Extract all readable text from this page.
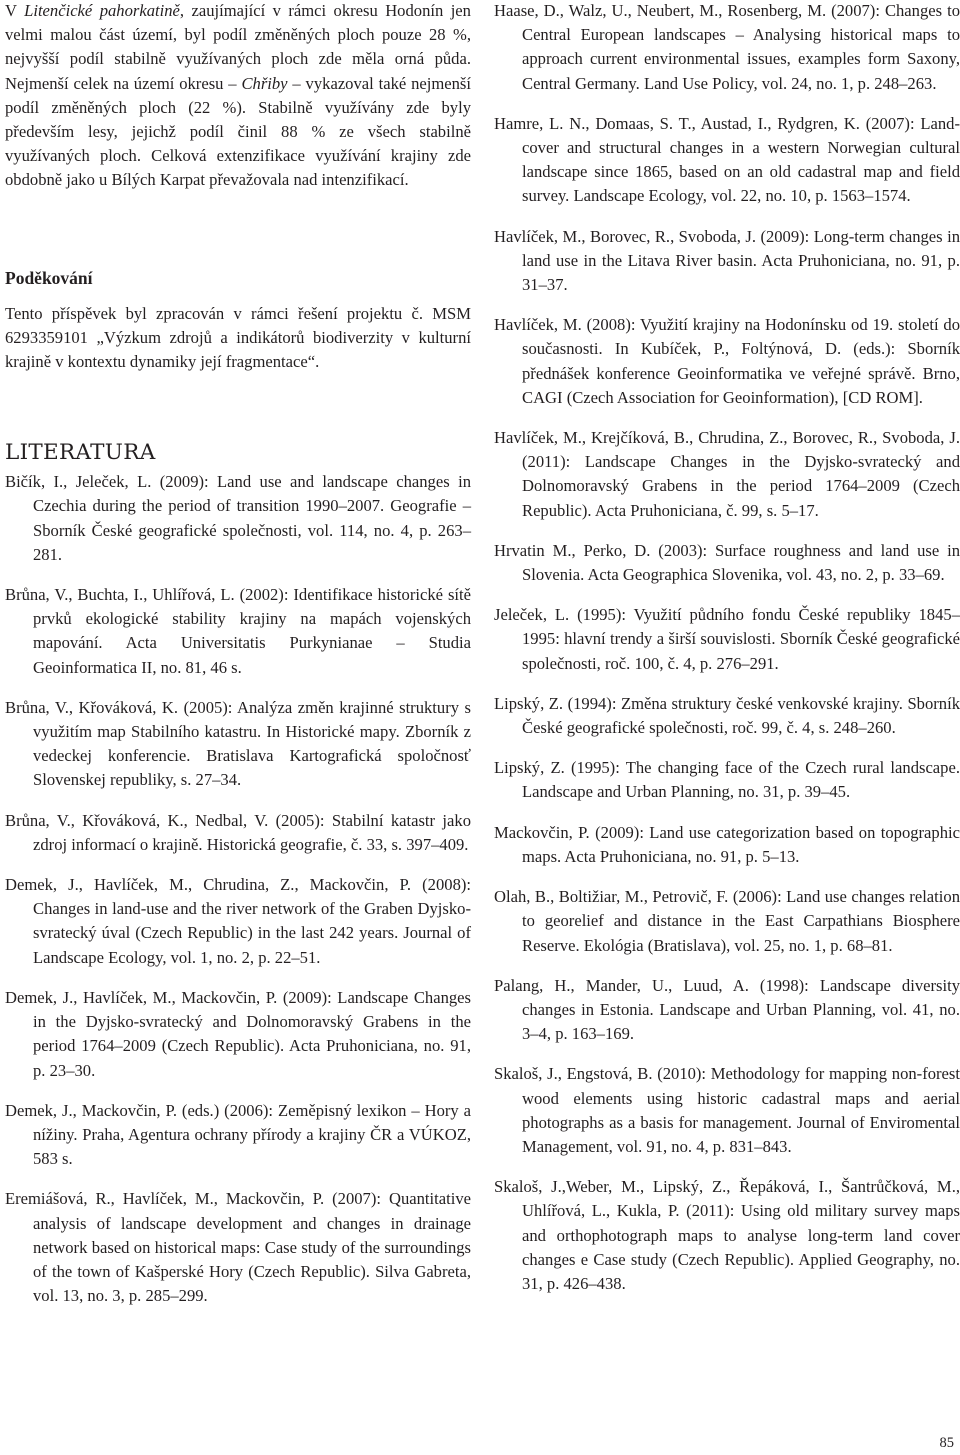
V Litenčické pahorkatině, zaujímající v rámci okresu Hodonín jen velmi malou část území, byl podíl změněných ploch pouze 28 %, nejvyšší podíl stabilně využívaných ploch zde měla orná půda. Nejmenší celek na území okresu – Chřiby – vykazoval také nejmenší podíl změněných ploch (22 %). Stabilně využívány zde byly především lesy, jejichž podíl činil 88 % ze všech stabilně využívaných ploch. Celková extenzifikace využívání krajiny zde obdobně jako u Bílých Karpat převažovala nad intenzifikací.

Poděkování

Tento příspěvek byl zpracován v rámci řešení projektu č. MSM 6293359101 „Výzkum zdrojů a indikátorů biodiverzity v kulturní krajině v kontextu dynamiky její fragmentace“.

LITERATURA

Bičík, I., Jeleček, L. (2009): Land use and landscape changes in Czechia during the period of transition 1990–2007. Geografie – Sborník České geografické společnosti, vol. 114, no. 4, p. 263–281.

Brůna, V., Buchta, I., Uhlířová, L. (2002): Identifikace historické sítě prvků ekologické stability krajiny na mapách vojenských mapování. Acta Universitatis Purkynianae – Studia Geoinformatica II, no. 81, 46 s.

Brůna, V., Křováková, K. (2005): Analýza změn krajinné struktury s využitím map Stabilního katastru. In Historické mapy. Zborník z vedeckej konferencie. Bratislava Kartografická spoločnosť Slovenskej republiky, s. 27–34.

Brůna, V., Křováková, K., Nedbal, V. (2005): Stabilní katastr jako zdroj informací o krajině. Historická geografie, č. 33, s. 397–409.

Demek, J., Havlíček, M., Chrudina, Z., Mackovčin, P. (2008): Changes in land-use and the river network of the Graben Dyjsko-svratecký úval (Czech Republic) in the last 242 years. Journal of Landscape Ecology, vol. 1, no. 2, p. 22–51.

Demek, J., Havlíček, M., Mackovčin, P. (2009): Landscape Changes in the Dyjsko-svratecký and Dolnomoravský Grabens in the period 1764–2009 (Czech Republic). Acta Pruhoniciana, no. 91, p. 23–30.

Demek, J., Mackovčin, P. (eds.) (2006): Zeměpisný lexikon – Hory a nížiny. Praha, Agentura ochrany přírody a krajiny ČR a VÚKOZ, 583 s.

Eremiášová, R., Havlíček, M., Mackovčin, P. (2007): Quantitative analysis of landscape development and changes in drainage network based on historical maps: Case study of the surroundings of the town of Kašperské Hory (Czech Republic). Silva Gabreta, vol. 13, no. 3, p. 285–299.

Haase, D., Walz, U., Neubert, M., Rosenberg, M. (2007): Changes to Central European landscapes – Analysing historical maps to approach current environmental issues, examples form Saxony, Central Germany. Land Use Policy, vol. 24, no. 1, p. 248–263.

Hamre, L. N., Domaas, S. T., Austad, I., Rydgren, K. (2007): Land-cover and structural changes in a western Norwegian cultural landscape since 1865, based on an old cadastral map and field survey. Landscape Ecology, vol. 22, no. 10, p. 1563–1574.

Havlíček, M., Borovec, R., Svoboda, J. (2009): Long-term changes in land use in the Litava River basin. Acta Pruhoniciana, no. 91, p. 31–37.

Havlíček, M. (2008): Využití krajiny na Hodonínsku od 19. století do současnosti. In Kubíček, P., Foltýnová, D. (eds.): Sborník přednášek konference Geoinformatika ve veřejné správě. Brno, CAGI (Czech Association for Geoinformation), [CD ROM].

Havlíček, M., Krejčíková, B., Chrudina, Z., Borovec, R., Svoboda, J. (2011): Landscape Changes in the Dyjsko-svratecký and Dolnomoravský Grabens in the period 1764–2009 (Czech Republic). Acta Pruhoniciana, č. 99, s. 5–17.

Hrvatin M., Perko, D. (2003): Surface roughness and land use in Slovenia. Acta Geographica Slovenika, vol. 43, no. 2, p. 33–69.

Jeleček, L. (1995): Využití půdního fondu České republiky 1845–1995: hlavní trendy a širší souvislosti. Sborník České geografické společnosti, roč. 100, č. 4, p. 276–291.

Lipský, Z. (1994): Změna struktury české venkovské krajiny. Sborník České geografické společnosti, roč. 99, č. 4, s. 248–260.

Lipský, Z. (1995): The changing face of the Czech rural landscape. Landscape and Urban Planning, no. 31, p. 39–45.

Mackovčin, P. (2009): Land use categorization based on topographic maps. Acta Pruhoniciana, no. 91, p. 5–13.

Olah, B., Boltižiar, M., Petrovič, F. (2006): Land use changes relation to georelief and distance in the East Carpathians Biosphere Reserve. Ekológia (Bratislava), vol. 25, no. 1, p. 68–81.

Palang, H., Mander, U., Luud, A. (1998): Landscape diversity changes in Estonia. Landscape and Urban Planning, vol. 41, no. 3–4, p. 163–169.

Skaloš, J., Engstová, B. (2010): Methodology for mapping non-forest wood elements using historic cadastral maps and aerial photographs as a basis for management. Journal of Enviromental Management, vol. 91, no. 4, p. 831–843.

Skaloš, J.,Weber, M., Lipský, Z., Řepáková, I., Šantrůčková, M., Uhlířová, L., Kukla, P. (2011): Using old military survey maps and orthophotograph maps to analyse long-term land cover changes e Case study (Czech Republic). Applied Geography, no. 31, p. 426–438.

85
